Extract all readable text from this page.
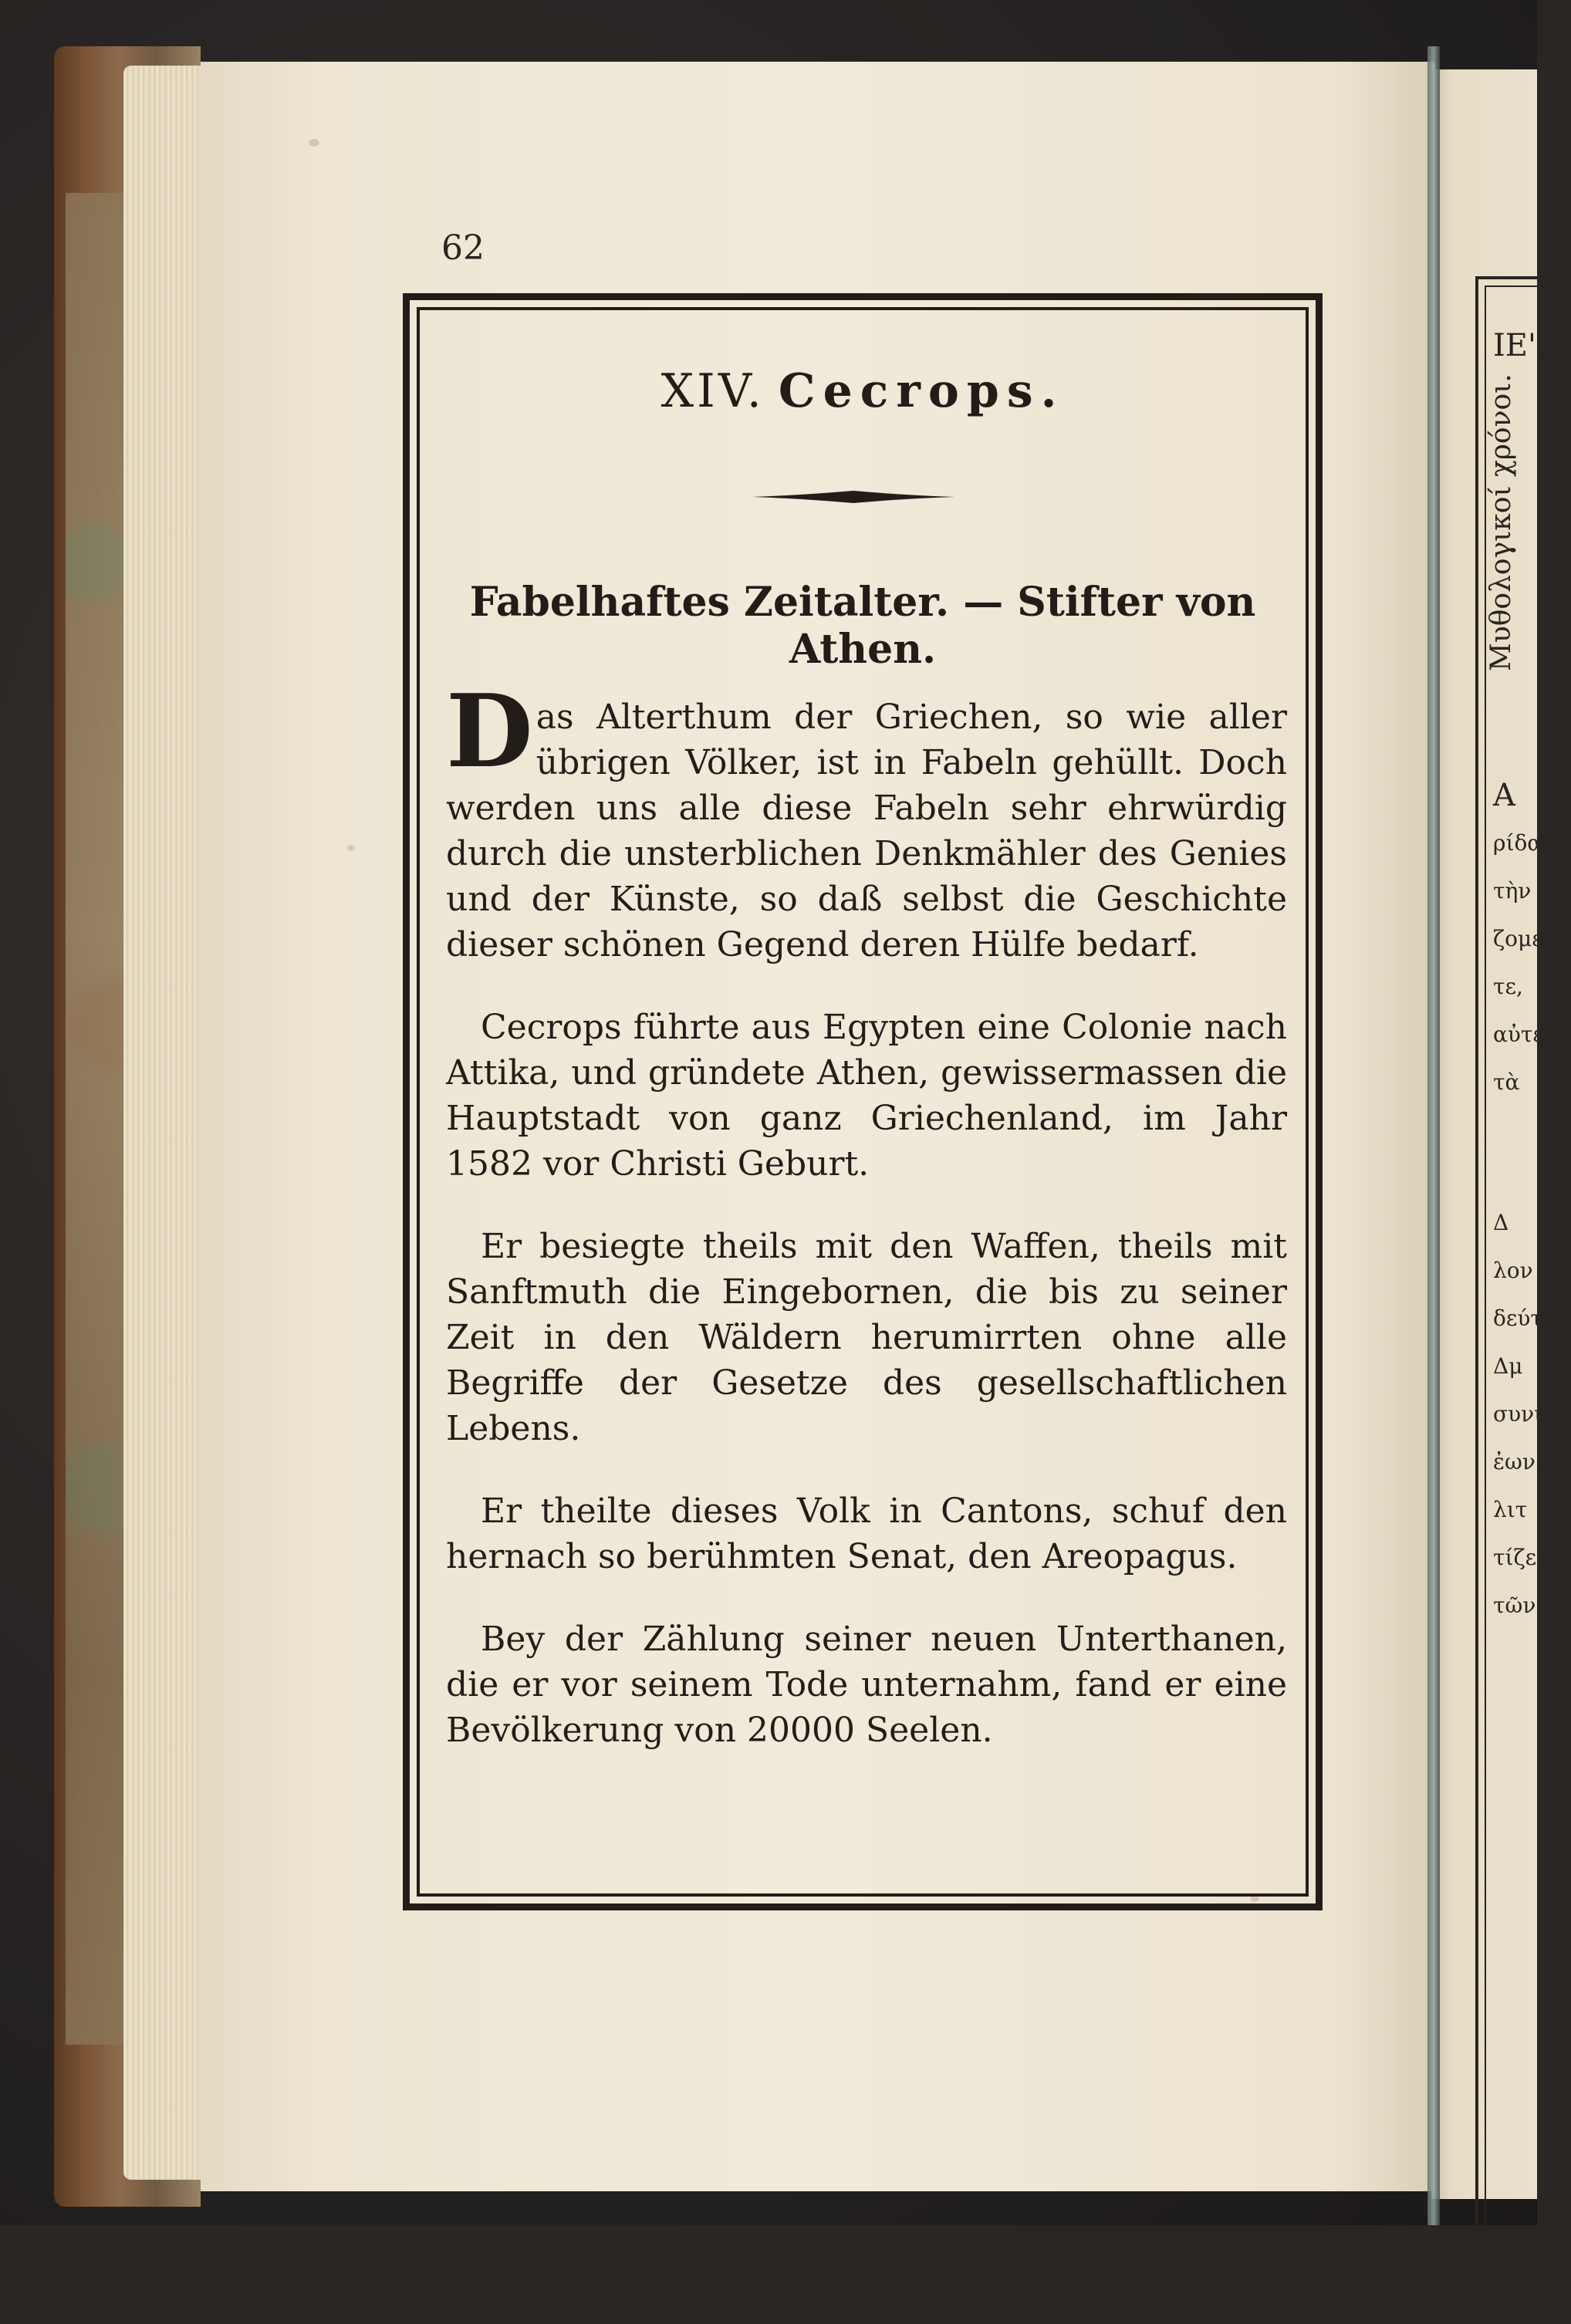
ΙΕ'.
Μυθολογικοί χρόνοι.
Α
ρίδα
τὴν
ζομε
τε,
αὐτε
τὰ
Δ
λον
δεύτ
Δμ
συνι
ἐων.
λιτ
τίζε
τῶν
62
XIV. Cecrops.
Fabelhaftes Zeitalter. — Stifter von Athen.

Das Alterthum der Griechen, so wie aller übrigen Völker, ist in Fabeln gehüllt. Doch werden uns alle diese Fabeln sehr ehrwürdig durch die unsterblichen Denkmähler des Genies und der Künste, so daß selbst die Geschichte dieser schönen Gegend deren Hülfe bedarf.

Cecrops führte aus Egypten eine Colonie nach Attika, und gründete Athen, gewissermassen die Hauptstadt von ganz Griechenland, im Jahr 1582 vor Christi Geburt.

Er besiegte theils mit den Waffen, theils mit Sanftmuth die Eingebornen, die bis zu seiner Zeit in den Wäldern herumirrten ohne alle Begriffe der Gesetze des gesellschaftlichen Lebens.

Er theilte dieses Volk in Cantons, schuf den hernach so berühmten Senat, den Areopagus.

Bey der Zählung seiner neuen Unterthanen, die er vor seinem Tode unternahm, fand er eine Bevölkerung von 20000 Seelen.
